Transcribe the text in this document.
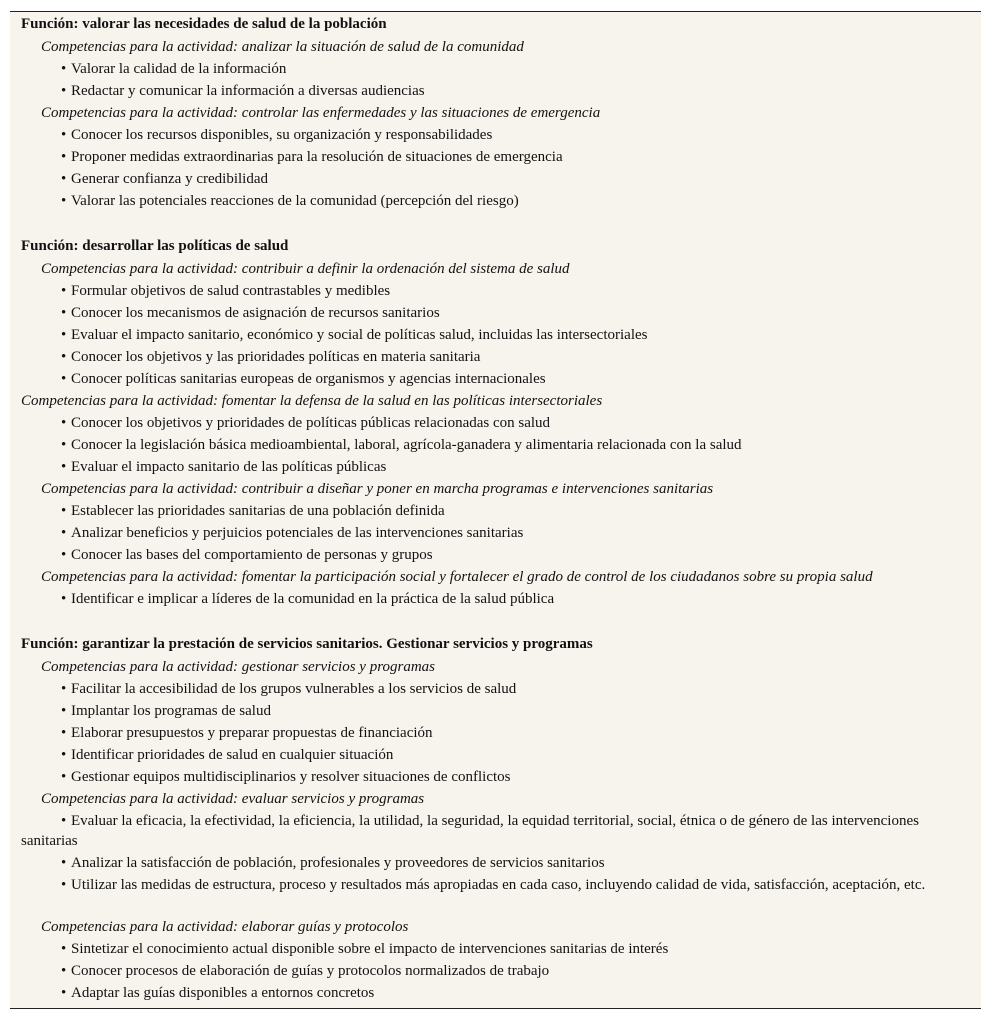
Función: valorar las necesidades de salud de la población
Competencias para la actividad: analizar la situación de salud de la comunidad
• Valorar la calidad de la información
• Redactar y comunicar la información a diversas audiencias
Competencias para la actividad: controlar las enfermedades y las situaciones de emergencia
• Conocer los recursos disponibles, su organización y responsabilidades
• Proponer medidas extraordinarias para la resolución de situaciones de emergencia
• Generar confianza y credibilidad
• Valorar las potenciales reacciones de la comunidad (percepción del riesgo)
Función: desarrollar las políticas de salud
Competencias para la actividad: contribuir a definir la ordenación del sistema de salud
• Formular objetivos de salud contrastables y medibles
• Conocer los mecanismos de asignación de recursos sanitarios
• Evaluar el impacto sanitario, económico y social de políticas salud, incluidas las intersectoriales
• Conocer los objetivos y las prioridades políticas en materia sanitaria
• Conocer políticas sanitarias europeas de organismos y agencias internacionales
Competencias para la actividad: fomentar la defensa de la salud en las políticas intersectoriales
• Conocer los objetivos y prioridades de políticas públicas relacionadas con salud
• Conocer la legislación básica medioambiental, laboral, agrícola-ganadera y alimentaria relacionada con la salud
• Evaluar el impacto sanitario de las políticas públicas
Competencias para la actividad: contribuir a diseñar y poner en marcha programas e intervenciones sanitarias
• Establecer las prioridades sanitarias de una población definida
• Analizar beneficios y perjuicios potenciales de las intervenciones sanitarias
• Conocer las bases del comportamiento de personas y grupos
Competencias para la actividad: fomentar la participación social y fortalecer el grado de control de los ciudadanos sobre su propia salud
• Identificar e implicar a líderes de la comunidad en la práctica de la salud pública
Función: garantizar la prestación de servicios sanitarios. Gestionar servicios y programas
Competencias para la actividad: gestionar servicios y programas
• Facilitar la accesibilidad de los grupos vulnerables a los servicios de salud
• Implantar los programas de salud
• Elaborar presupuestos y preparar propuestas de financiación
• Identificar prioridades de salud en cualquier situación
• Gestionar equipos multidisciplinarios y resolver situaciones de conflictos
Competencias para la actividad: evaluar servicios y programas
• Evaluar la eficacia, la efectividad, la eficiencia, la utilidad, la seguridad, la equidad territorial, social, étnica o de género de las intervenciones sanitarias
• Analizar la satisfacción de población, profesionales y proveedores de servicios sanitarios
• Utilizar las medidas de estructura, proceso y resultados más apropiadas en cada caso, incluyendo calidad de vida, satisfacción, aceptación, etc.
Competencias para la actividad: elaborar guías y protocolos
• Sintetizar el conocimiento actual disponible sobre el impacto de intervenciones sanitarias de interés
• Conocer procesos de elaboración de guías y protocolos normalizados de trabajo
• Adaptar las guías disponibles a entornos concretos
